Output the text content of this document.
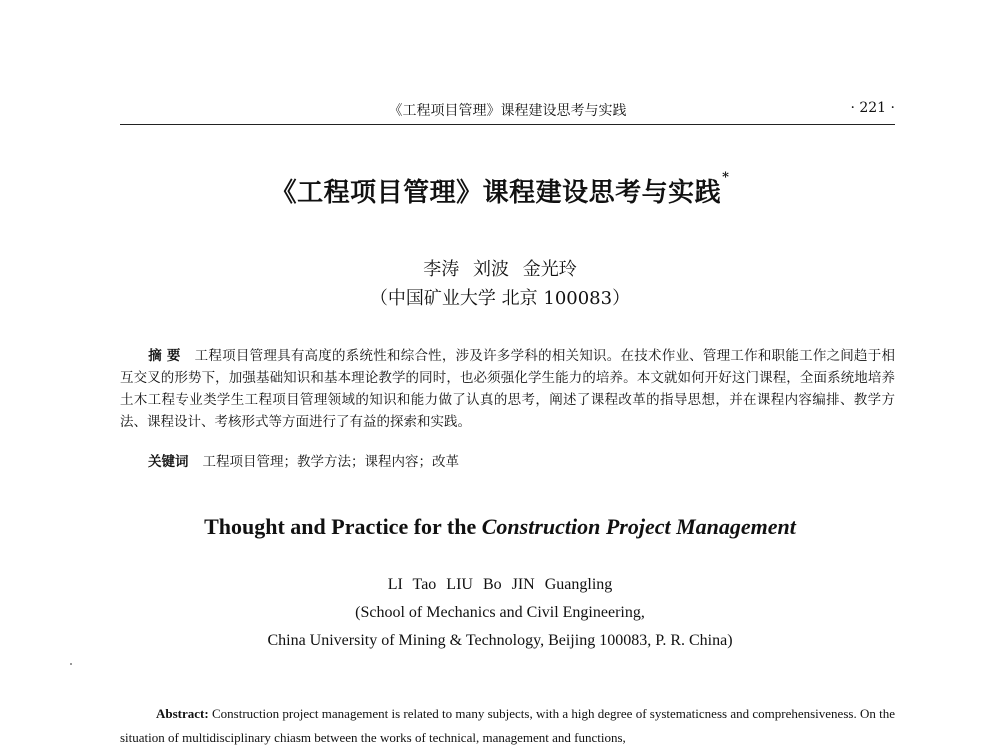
《工程项目管理》课程建设思考与实践	· 221 ·
《工程项目管理》课程建设思考与实践*
李涛 刘波 金光玲
（中国矿业大学 北京 100083）
摘 要 工程项目管理具有高度的系统性和综合性，涉及许多学科的相关知识。在技术作业、管理工作和职能工作之间趋于相互交叉的形势下，加强基础知识和基本理论教学的同时，也必须强化学生能力的培养。本文就如何开好这门课程，全面系统地培养土木工程专业类学生工程项目管理领域的知识和能力做了认真的思考，阐述了课程改革的指导思想，并在课程内容编排、教学方法、课程设计、考核形式等方面进行了有益的探索和实践。
关键词 工程项目管理；教学方法；课程内容；改革
Thought and Practice for the Construction Project Management
LI Tao LIU Bo JIN Guangling
(School of Mechanics and Civil Engineering,
China University of Mining & Technology, Beijing 100083, P. R. China)
Abstract: Construction project management is related to many subjects, with a high degree of systematicness and comprehensiveness. On the situation of multidisciplinary chiasm between the works of technical, management and functions,
